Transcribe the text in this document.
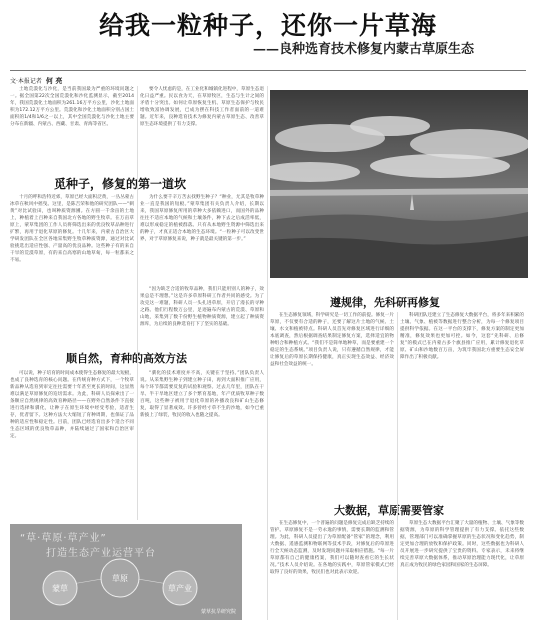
给我一粒种子，还你一片草海

——良种选育技术修复内蒙古草原生态

文·本报记者 何 亮

土地荒漠化与沙化，是当前我国最为严重的环境问题之一。据全国第22次全国荒漠化和沙化监测显示，截至2014年，我国荒漠化土地面积为261.16万平方公里，沙化土地面积为172.12万平方公里。荒漠化和沙化土地面积分别占国土面积的1/4和1/6之一以上，其中全国荒漠化与沙化土地主要分布在新疆、内蒙古、西藏、甘肃、青海等省区。

要令人忧虑的是，在工业化和城镇化进程中，草原生态退化日益严重。民以食为天，在草原牧区，生态与生计之间的矛盾十分突出。如何让草原恢复生机、草原生态保护与牧民增收致富协调发展，已成为摆在科技工作者面前的一道难题。近年来，良种选育技术为修复内蒙古草原生态、改善草原生态环境提供了有力支撑。

觅种子，修复的第一道坎

十月的呼和浩特近郊，草原已经大面积泛黄，一丛丛蒙古冰草在秋风中摇曳。这里，是陈吉荣和他的研究团队——“刺黄”对比试验田，也叫种质资源圃。在方圆一千余亩的土地上，种植着上百种来自我国北方各地的野生牧草。在万亩草原上，蒙草集团的工作人员将筛选出来的优良牧草品种进行扩繁，再用于退化草原的修复。十几年来，内蒙古自治区大学研发团队在全区各地采集野生牧草种质资源，通过对比试验挑选出适应性强、产量高的优良品种。这些种子有的来自干旱的荒漠草原，有的来自高寒的山地草甸，每一粒都来之不易。

为什么要千辛万苦去找野生种子？“种业，尤其是牧草种业一直是我国的短板。”蒙草集团有关负责人介绍，长期以来，我国草原修复所用的草种大多依赖进口，而国外的品种往往不适应本地的气候和土壤条件，种下去之后成活率低，难以形成稳定的植被群落。只有从本地野生资源中筛选出来的种子，才真正适合本地的生态环境。“一粒种子可以改变世界，对于草原修复来说，种子就是最关键的第一步。”

遵规律，先科研再修复

在生态修复领域，科学研究是一切工作的前提。修复一片草原，不仅要有合适的种子，还要了解这片土地的气候、土壤、水文和植被特点。科研人员首先对修复区域进行详细的本底调查，然后根据调查结果制定修复方案，选择适宜的物种组合和种植方式。“我们不是简单地种草，而是要重建一个稳定的生态系统。”项目负责人说，只有遵循自然规律，才能让修复后的草原长期保持健康，真正实现生态效益、经济效益和社会效益的统一。

科研团队还建立了生态修复大数据平台，将多年来积累的土壤、气象、植被等数据进行整合分析，为每一个修复项目提供科学依据。在这一平台的支撑下，修复方案的制定更加精准，修复效果也更加可控。如今，这套“先科研、后修复”的模式已在内蒙古多个旗县推广应用，累计修复退化草原、矿山和沙地数百万亩，为筑牢我国北方重要生态安全屏障作出了积极贡献。

“因为缺乏合适的牧草品种，我们只能用别人的种子，效果总是不理想。”这是许多草原科研工作者共同的感受。为了攻克这一难题，科研人员一头扎进草原，开启了漫长的寻种之路。他们行程数万公里，足迹遍布内蒙古的荒漠、草原和山地，采集到了数千份野生植物种质资源，建立起了种质资源库，为后续的良种选育打下了坚实的基础。

顺自然，育种的高效方法

可以说，种子培育的时间成本使得生态修复的最大短板，也成了良种选育的核心问题。在传统育种方式下，一个牧草新品种从选育到审定往往需要十年甚至更长的时间，这显然难以满足草原修复的迫切需求。为此，科研人员探索出了一条顺应自然规律的高效育种路径——在野外自然条件下直接进行选择和驯化，让种子在原生环境中经受考验，适者生存，优者留下。这种方法大大缩短了育种周期，也保证了品种的适应性和稳定性。目前，团队已经选育出多个适合不同生态区域的优良牧草品种，并陆续通过了国家和自治区审定。

“驯化的技术难度并不高，关键在于坚持。”团队负责人说。从采集野生种子到建立种子田，再到大面积推广应用，每个环节都需要反复的试验和观察。过去几年里，团队在干旱、半干旱地区建立了多个繁育基地，年产优质牧草种子数百吨，这些种子被用于退化草原的补播改良和矿山生态修复，取得了显著成效。许多曾经寸草不生的沙地，如今已重新披上了绿装，牧民的收入也随之提高。

大数据，草原需要管家

在生态修复中，一个普遍的问题是修复完成后缺乏持续的管护。草原修复不是一劳永逸的事情，需要长期的监测和管理。为此，科研人员提出了为草原配备“管家”的理念，利用大数据、遥感监测和物联网等技术手段，对修复后的草原进行全天候动态监测，及时发现问题并采取相应措施。“每一片草原都有自己的健康档案，我们可以随时查看它的生长状况。”技术人员介绍说。在各地的实践中，草原管家模式已经取得了良好的效果，牧民们也对此表示欢迎。

草原生态大数据平台汇聚了大量的植物、土壤、气象等数据资源，为草原的科学管理提供了有力支撑。依托这些数据，管理部门可以准确掌握草原的生态状况和变化趋势，制定更加合理的放牧和保护政策。同时，这些数据也为科研人员开展进一步研究提供了宝贵的资料。专家表示，未来将继续完善草原大数据体系，推动草原治理能力现代化，让草原真正成为牧民的绿色家园和国家的生态屏障。

“草·草原·草产业”
打造生态产业运营平台
蒙草
草原
草产业
蒙草抗旱研究院
